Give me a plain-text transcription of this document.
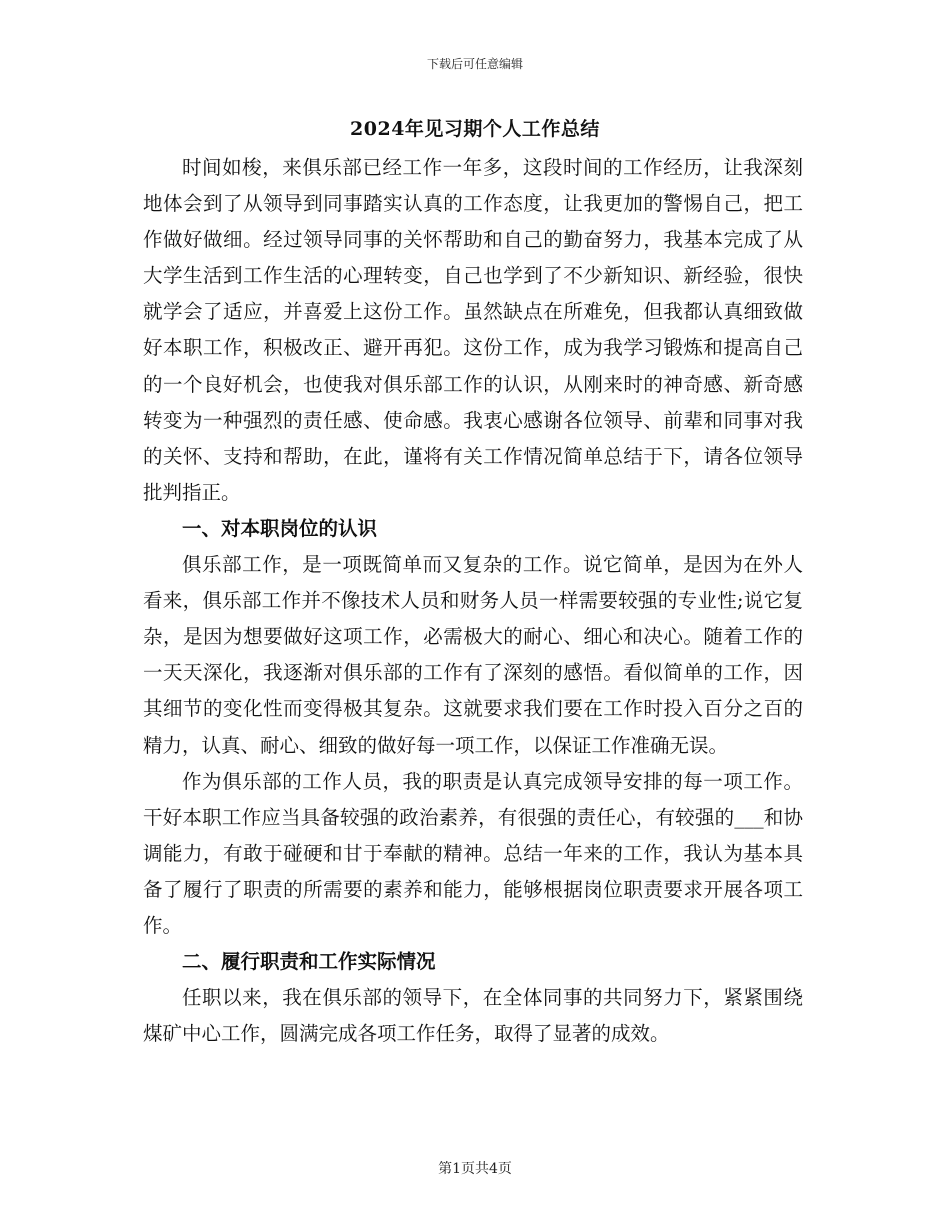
下载后可任意编辑
2024年见习期个人工作总结

时间如梭，来俱乐部已经工作一年多，这段时间的工作经历，让我深刻地体会到了从领导到同事踏实认真的工作态度，让我更加的警惕自己，把工作做好做细。经过领导同事的关怀帮助和自己的勤奋努力，我基本完成了从大学生活到工作生活的心理转变，自己也学到了不少新知识、新经验，很快就学会了适应，并喜爱上这份工作。虽然缺点在所难免，但我都认真细致做好本职工作，积极改正、避开再犯。这份工作，成为我学习锻炼和提高自己的一个良好机会，也使我对俱乐部工作的认识，从刚来时的神奇感、新奇感转变为一种强烈的责任感、使命感。我衷心感谢各位领导、前辈和同事对我的关怀、支持和帮助，在此，谨将有关工作情况简单总结于下，请各位领导批判指正。

一、对本职岗位的认识

俱乐部工作，是一项既简单而又复杂的工作。说它简单，是因为在外人看来，俱乐部工作并不像技术人员和财务人员一样需要较强的专业性;说它复杂，是因为想要做好这项工作，必需极大的耐心、细心和决心。随着工作的一天天深化，我逐渐对俱乐部的工作有了深刻的感悟。看似简单的工作，因其细节的变化性而变得极其复杂。这就要求我们要在工作时投入百分之百的精力，认真、耐心、细致的做好每一项工作，以保证工作准确无误。

作为俱乐部的工作人员，我的职责是认真完成领导安排的每一项工作。干好本职工作应当具备较强的政治素养，有很强的责任心，有较强的___和协调能力，有敢于碰硬和甘于奉献的精神。总结一年来的工作，我认为基本具备了履行了职责的所需要的素养和能力，能够根据岗位职责要求开展各项工作。

二、履行职责和工作实际情况

任职以来，我在俱乐部的领导下，在全体同事的共同努力下，紧紧围绕煤矿中心工作，圆满完成各项工作任务，取得了显著的成效。

第1页共4页
